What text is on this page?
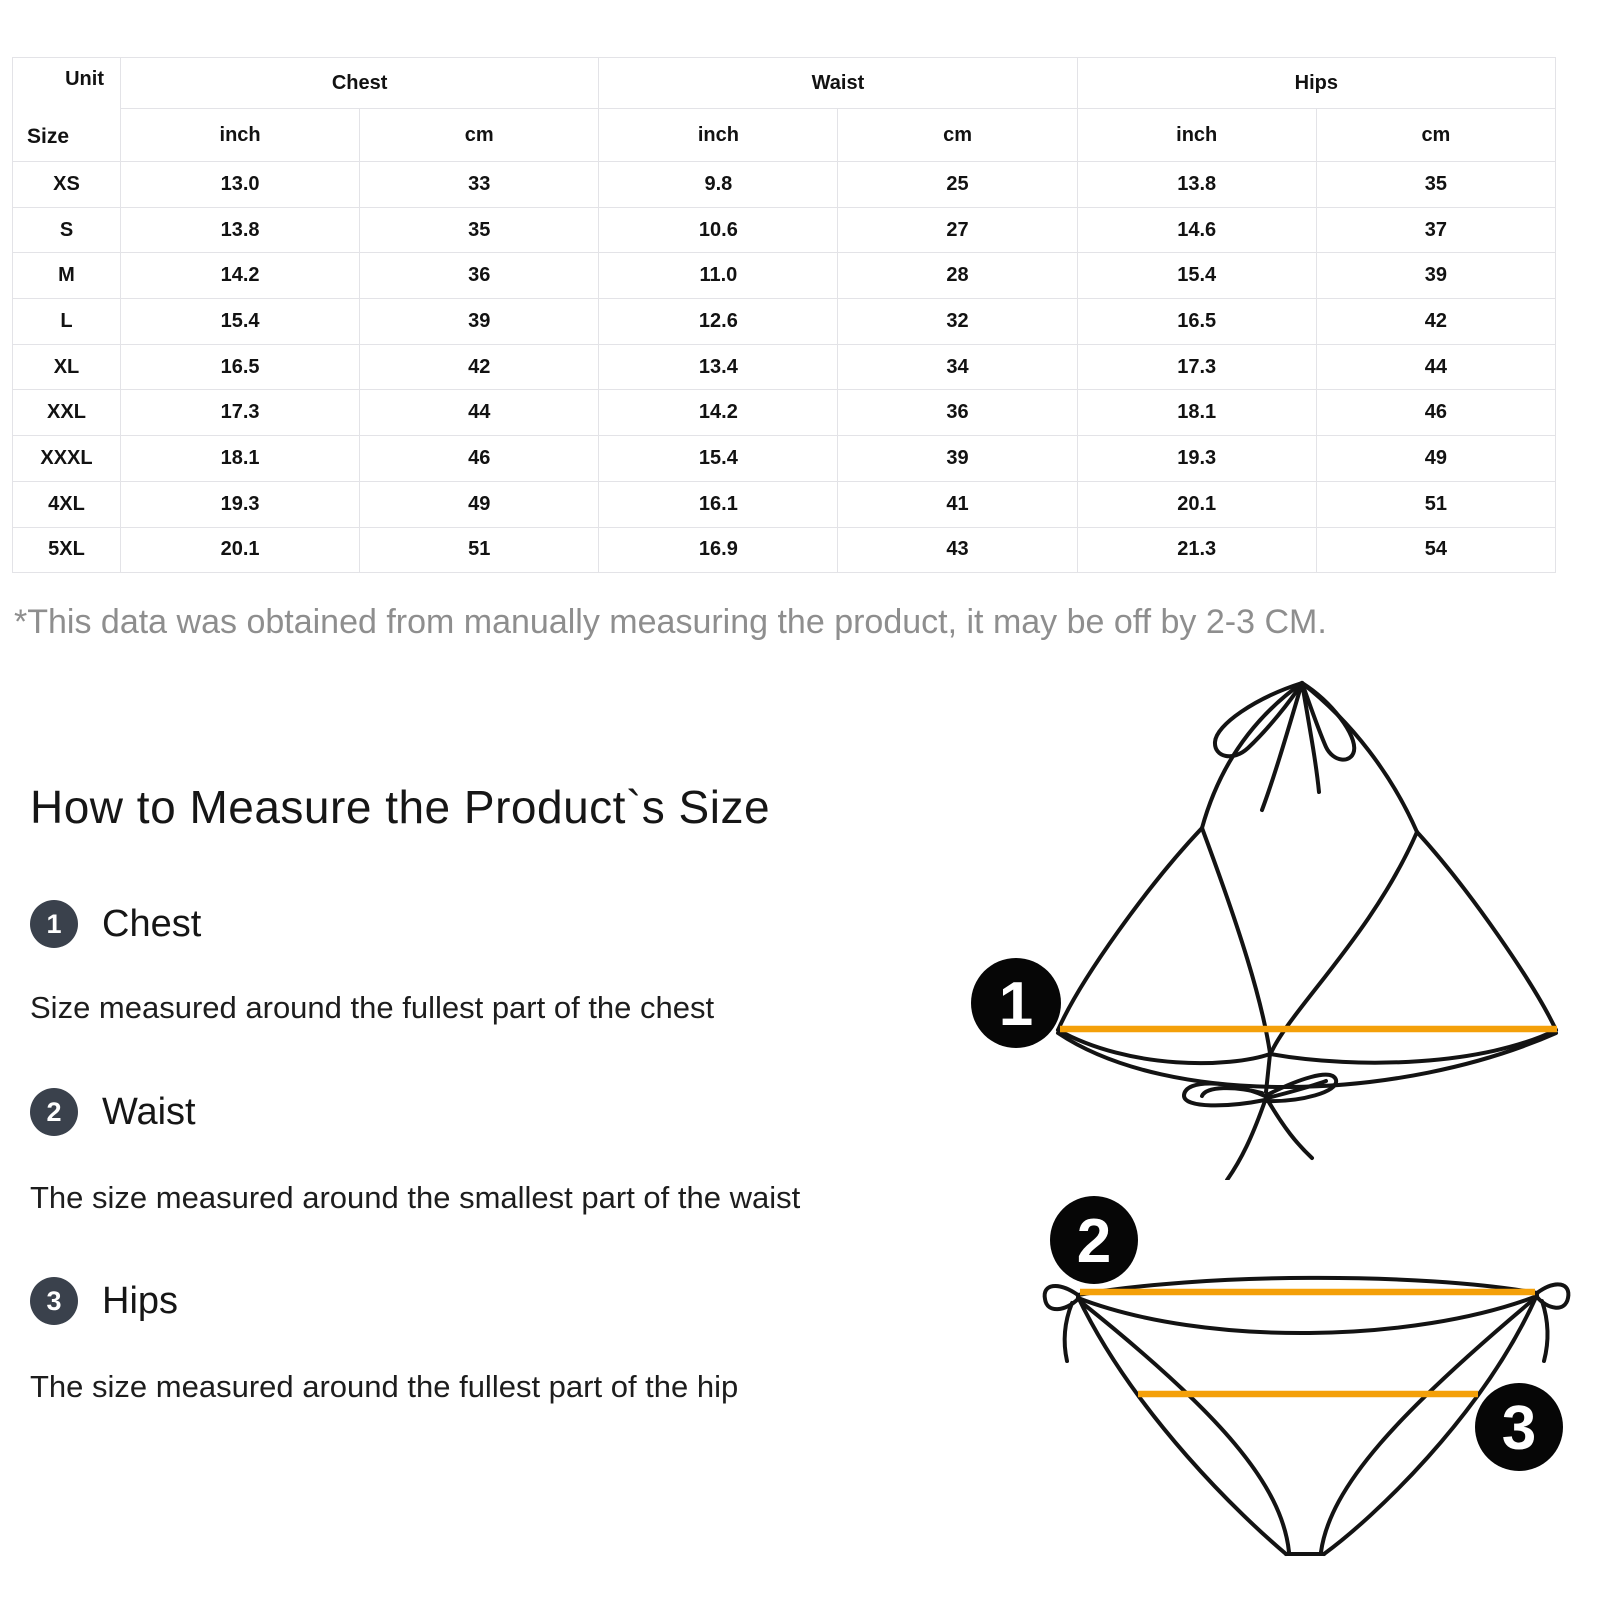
Unit
Size	Chest		Waist		Hips	
	inch	cm	inch	cm	inch	cm
XS	13.0	33	9.8	25	13.8	35
S	13.8	35	10.6	27	14.6	37
M	14.2	36	11.0	28	15.4	39
L	15.4	39	12.6	32	16.5	42
XL	16.5	42	13.4	34	17.3	44
XXL	17.3	44	14.2	36	18.1	46
XXXL	18.1	46	15.4	39	19.3	49
4XL	19.3	49	16.1	41	20.1	51
5XL	20.1	51	16.9	43	21.3	54

*This data was obtained from manually measuring the product, it may be off by 2-3 CM.

How to Measure the Product`s Size
1	Chest

Size measured around the fullest part of the chest

2	Waist

The size measured around the smallest part of the waist

3	Hips

The size measured around the fullest part of the hip

1
2
3
